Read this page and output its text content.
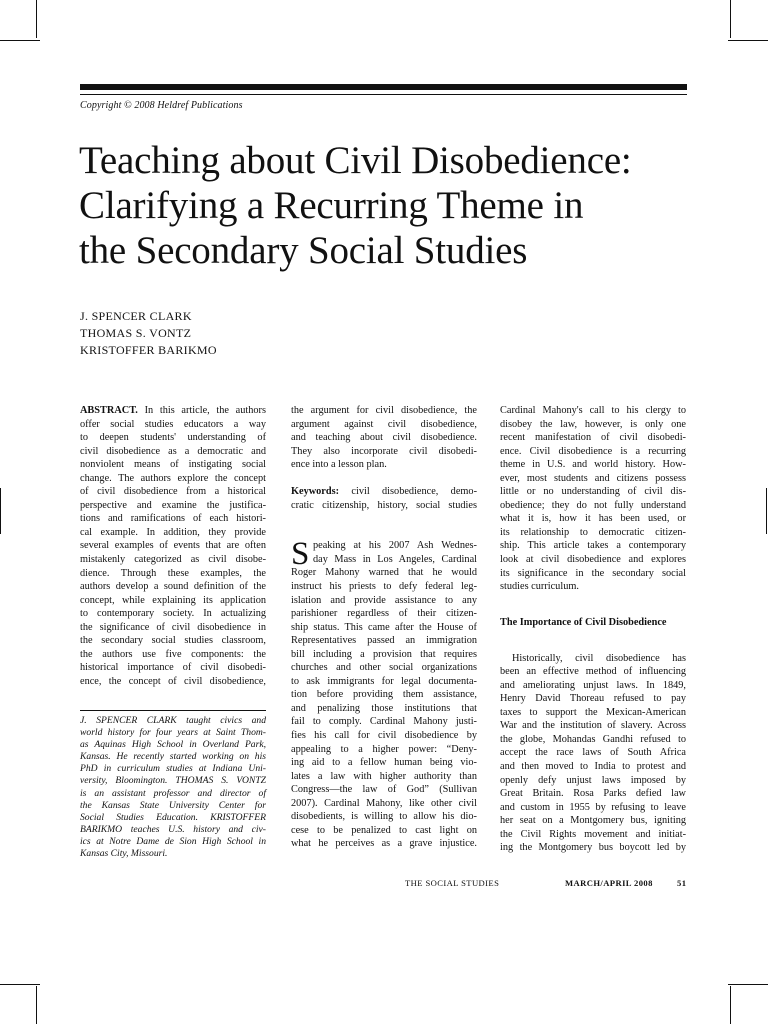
Copyright © 2008 Heldref Publications
Teaching about Civil Disobedience:
Clarifying a Recurring Theme in
the Secondary Social Studies
J. SPENCER CLARK
THOMAS S. VONTZ
KRISTOFFER BARIKMO
ABSTRACT. In this article, the authors
offer social studies educators a way
to deepen students' understanding of
civil disobedience as a democratic and
nonviolent means of instigating social
change. The authors explore the concept
of civil disobedience from a historical
perspective and examine the justifica-
tions and ramifications of each histori-
cal example. In addition, they provide
several examples of events that are often
mistakenly categorized as civil disobe-
dience. Through these examples, the
authors develop a sound definition of the
concept, while explaining its application
to contemporary society. In actualizing
the significance of civil disobedience in
the secondary social studies classroom,
the authors use five components: the
historical importance of civil disobedi-
ence, the concept of civil disobedience,
J. SPENCER CLARK taught civics and
world history for four years at Saint Thom-
as Aquinas High School in Overland Park,
Kansas. He recently started working on his
PhD in curriculum studies at Indiana Uni-
versity, Bloomington. THOMAS S. VONTZ
is an assistant professor and director of
the Kansas State University Center for
Social Studies Education. KRISTOFFER
BARIKMO teaches U.S. history and civ-
ics at Notre Dame de Sion High School in
Kansas City, Missouri.
the argument for civil disobedience, the
argument against civil disobedience,
and teaching about civil disobedience.
They also incorporate civil disobedi-
ence into a lesson plan.
Keywords: civil disobedience, demo-
cratic citizenship, history, social studies
peaking at his 2007 Ash Wednes-
day Mass in Los Angeles, Cardinal
Roger Mahony warned that he would
instruct his priests to defy federal leg-
islation and provide assistance to any
parishioner regardless of their citizen-
ship status. This came after the House of
Representatives passed an immigration
bill including a provision that requires
churches and other social organizations
to ask immigrants for legal documenta-
tion before providing them assistance,
and penalizing those institutions that
fail to comply. Cardinal Mahony justi-
fies his call for civil disobedience by
appealing to a higher power: “Deny-
ing aid to a fellow human being vio-
lates a law with higher authority than
Congress—the law of God” (Sullivan
2007). Cardinal Mahony, like other civil
disobedients, is willing to allow his dio-
cese to be penalized to cast light on
what he perceives as a grave injustice.
S
Cardinal Mahony's call to his clergy to
disobey the law, however, is only one
recent manifestation of civil disobedi-
ence. Civil disobedience is a recurring
theme in U.S. and world history. How-
ever, most students and citizens possess
little or no understanding of civil dis-
obedience; they do not fully understand
what it is, how it has been used, or
its relationship to democratic citizen-
ship. This article takes a contemporary
look at civil disobedience and explores
its significance in the secondary social
studies curriculum.
Historically, civil disobedience has
been an effective method of influencing
and ameliorating unjust laws. In 1849,
Henry David Thoreau refused to pay
taxes to support the Mexican-American
War and the institution of slavery. Across
the globe, Mohandas Gandhi refused to
accept the race laws of South Africa
and then moved to India to protest and
openly defy unjust laws imposed by
Great Britain. Rosa Parks defied law
and custom in 1955 by refusing to leave
her seat on a Montgomery bus, igniting
the Civil Rights movement and initiat-
ing the Montgomery bus boycott led by
The Importance of Civil Disobedience
THE SOCIAL STUDIES	MARCH/APRIL 2008	51
